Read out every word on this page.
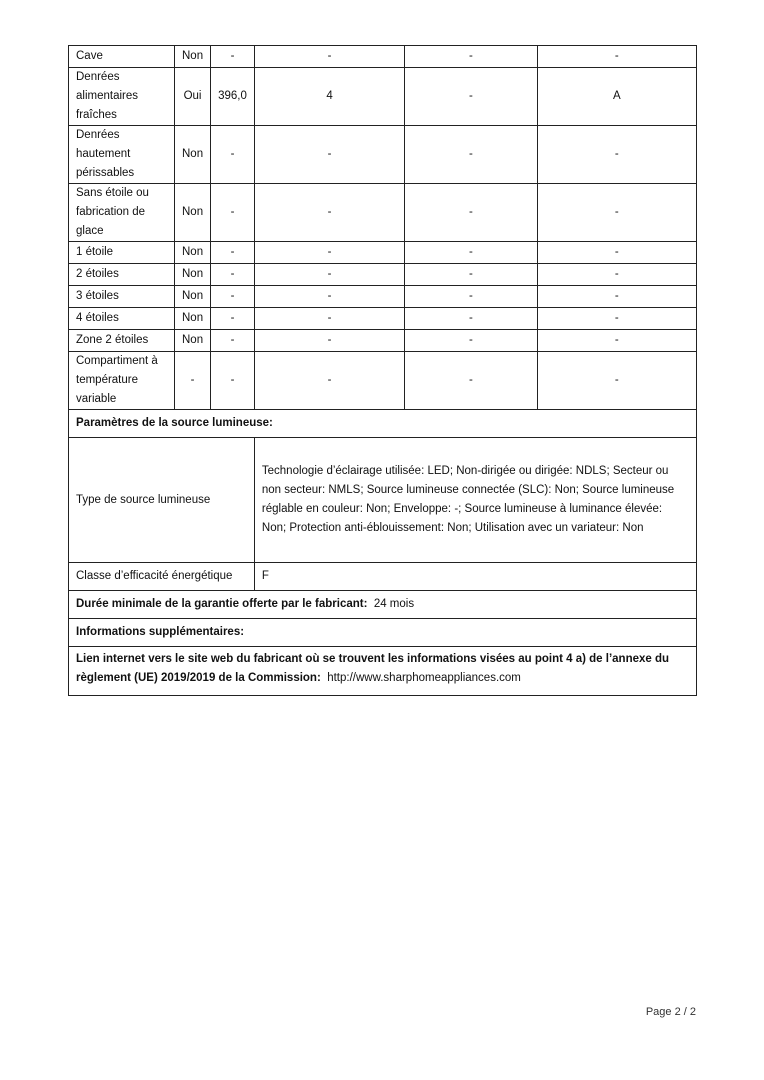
Cave	Non	-	-	-	-
Denrées alimentaires fraîches	Oui	396,0	4	-	A
Denrées hautement périssables	Non	-	-	-	-
Sans étoile ou fabrication de glace	Non	-	-	-	-
1 étoile	Non	-	-	-	-
2 étoiles	Non	-	-	-	-
3 étoiles	Non	-	-	-	-
4 étoiles	Non	-	-	-	-
Zone 2 étoiles	Non	-	-	-	-
Compartiment à température variable	-	-	-	-	-
Paramètres de la source lumineuse:					
Type de source lumineuse			Technologie d’éclairage utilisée: LED; Non-dirigée ou dirigée: NDLS; Secteur ou non secteur: NMLS; Source lumineuse connectée (SLC): Non; Source lumineuse réglable en couleur: Non; Enveloppe: -; Source lumineuse à luminance élevée: Non; Protection anti-éblouissement: Non; Utilisation avec un variateur: Non		
Classe d’efficacité énergétique			F		
Durée minimale de la garantie offerte par le fabricant: 24 mois					
Informations supplémentaires:					
Lien internet vers le site web du fabricant où se trouvent les informations visées au point 4 a) de l’annexe du règlement (UE) 2019/2019 de la Commission: http://www.sharphomeappliances.com					
Page 2 / 2
